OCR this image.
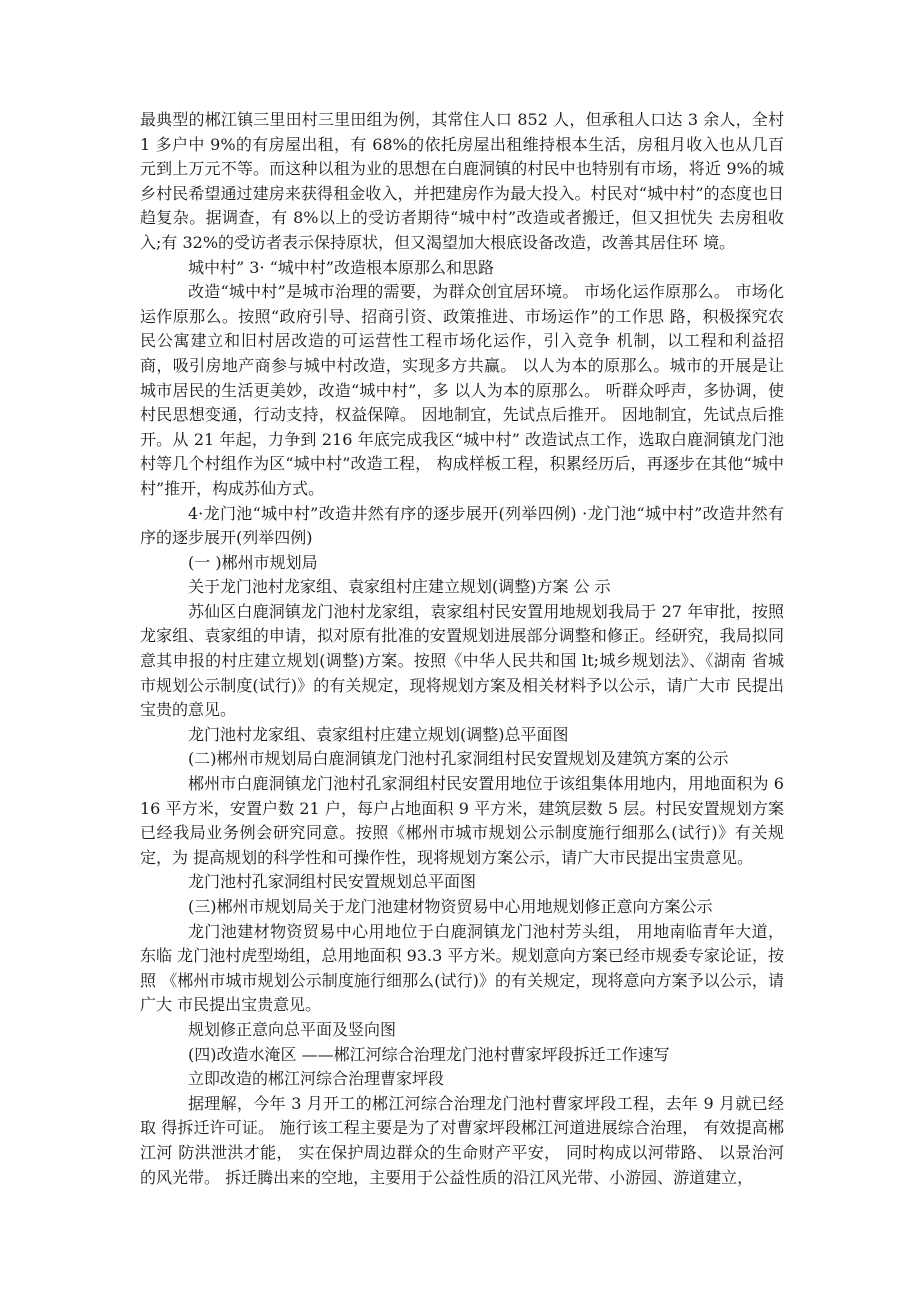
最典型的郴江镇三里田村三里田组为例，其常住人口 852 人，但承租人口达 3 余人，全村 1 多户中 9%的有房屋出租，有 68%的依托房屋出租维持根本生活，房租月收入也从几百元到上万元不等。而这种以租为业的思想在白鹿洞镇的村民中也特别有市场，将近 9%的城乡村民希望通过建房来获得租金收入，并把建房作为最大投入。村民对“城中村”的态度也日趋复杂。据调查，有 8%以上的受访者期待“城中村”改造或者搬迁，但又担忧失 去房租收入;有 32%的受访者表示保持原状，但又渴望加大根底设备改造，改善其居住环 境。

城中村” 3· “城中村”改造根本原那么和思路

改造“城中村”是城市治理的需要，为群众创宜居环境。 市场化运作原那么。 市场化运作原那么。按照“政府引导、招商引资、政策推进、市场运作”的工作思 路，积极探究农民公寓建立和旧村居改造的可运营性工程市场化运作，引入竞争 机制，以工程和利益招商，吸引房地产商参与城中村改造，实现多方共赢。 以人为本的原那么。城市的开展是让城市居民的生活更美妙，改造“城中村”，多 以人为本的原那么。 听群众呼声，多协调，使村民思想变通，行动支持，权益保障。 因地制宜，先试点后推开。 因地制宜，先试点后推开。从 21 年起，力争到 216 年底完成我区“城中村” 改造试点工作，选取白鹿洞镇龙门池村等几个村组作为区“城中村”改造工程， 构成样板工程，积累经历后，再逐步在其他“城中村”推开，构成苏仙方式。

4·龙门池“城中村”改造井然有序的逐步展开(列举四例) ·龙门池“城中村”改造井然有序的逐步展开(列举四例)

(一 )郴州市规划局

关于龙门池村龙家组、袁家组村庄建立规划(调整)方案 公 示

苏仙区白鹿洞镇龙门池村龙家组，袁家组村民安置用地规划我局于 27 年审批，按照龙家组、袁家组的申请，拟对原有批准的安置规划进展部分调整和修正。经研究，我局拟同意其申报的村庄建立规划(调整)方案。按照《中华人民共和国 lt;城乡规划法》、《湖南 省城市规划公示制度(试行)》的有关规定，现将规划方案及相关材料予以公示，请广大市 民提出宝贵的意见。

龙门池村龙家组、袁家组村庄建立规划(调整)总平面图

(二)郴州市规划局白鹿洞镇龙门池村孔家洞组村民安置规划及建筑方案的公示

郴州市白鹿洞镇龙门池村孔家洞组村民安置用地位于该组集体用地内，用地面积为 616 平方米，安置户数 21 户，每户占地面积 9 平方米，建筑层数 5 层。村民安置规划方案已经我局业务例会研究同意。按照《郴州市城市规划公示制度施行细那么(试行)》有关规定，为 提高规划的科学性和可操作性，现将规划方案公示，请广大市民提出宝贵意见。

龙门池村孔家洞组村民安置规划总平面图

(三)郴州市规划局关于龙门池建材物资贸易中心用地规划修正意向方案公示

龙门池建材物资贸易中心用地位于白鹿洞镇龙门池村芳头组， 用地南临青年大道，东临 龙门池村虎型坳组，总用地面积 93.3 平方米。规划意向方案已经市规委专家论证，按照 《郴州市城市规划公示制度施行细那么(试行)》的有关规定，现将意向方案予以公示，请广大 市民提出宝贵意见。

规划修正意向总平面及竖向图

(四)改造水淹区 ——郴江河综合治理龙门池村曹家坪段拆迁工作速写

立即改造的郴江河综合治理曹家坪段

据理解，今年 3 月开工的郴江河综合治理龙门池村曹家坪段工程，去年 9 月就已经取 得拆迁许可证。 施行该工程主要是为了对曹家坪段郴江河道进展综合治理， 有效提高郴江河 防洪泄洪才能， 实在保护周边群众的生命财产平安， 同时构成以河带路、 以景治河的风光带。 拆迁腾出来的空地，主要用于公益性质的沿江风光带、小游园、游道建立，
